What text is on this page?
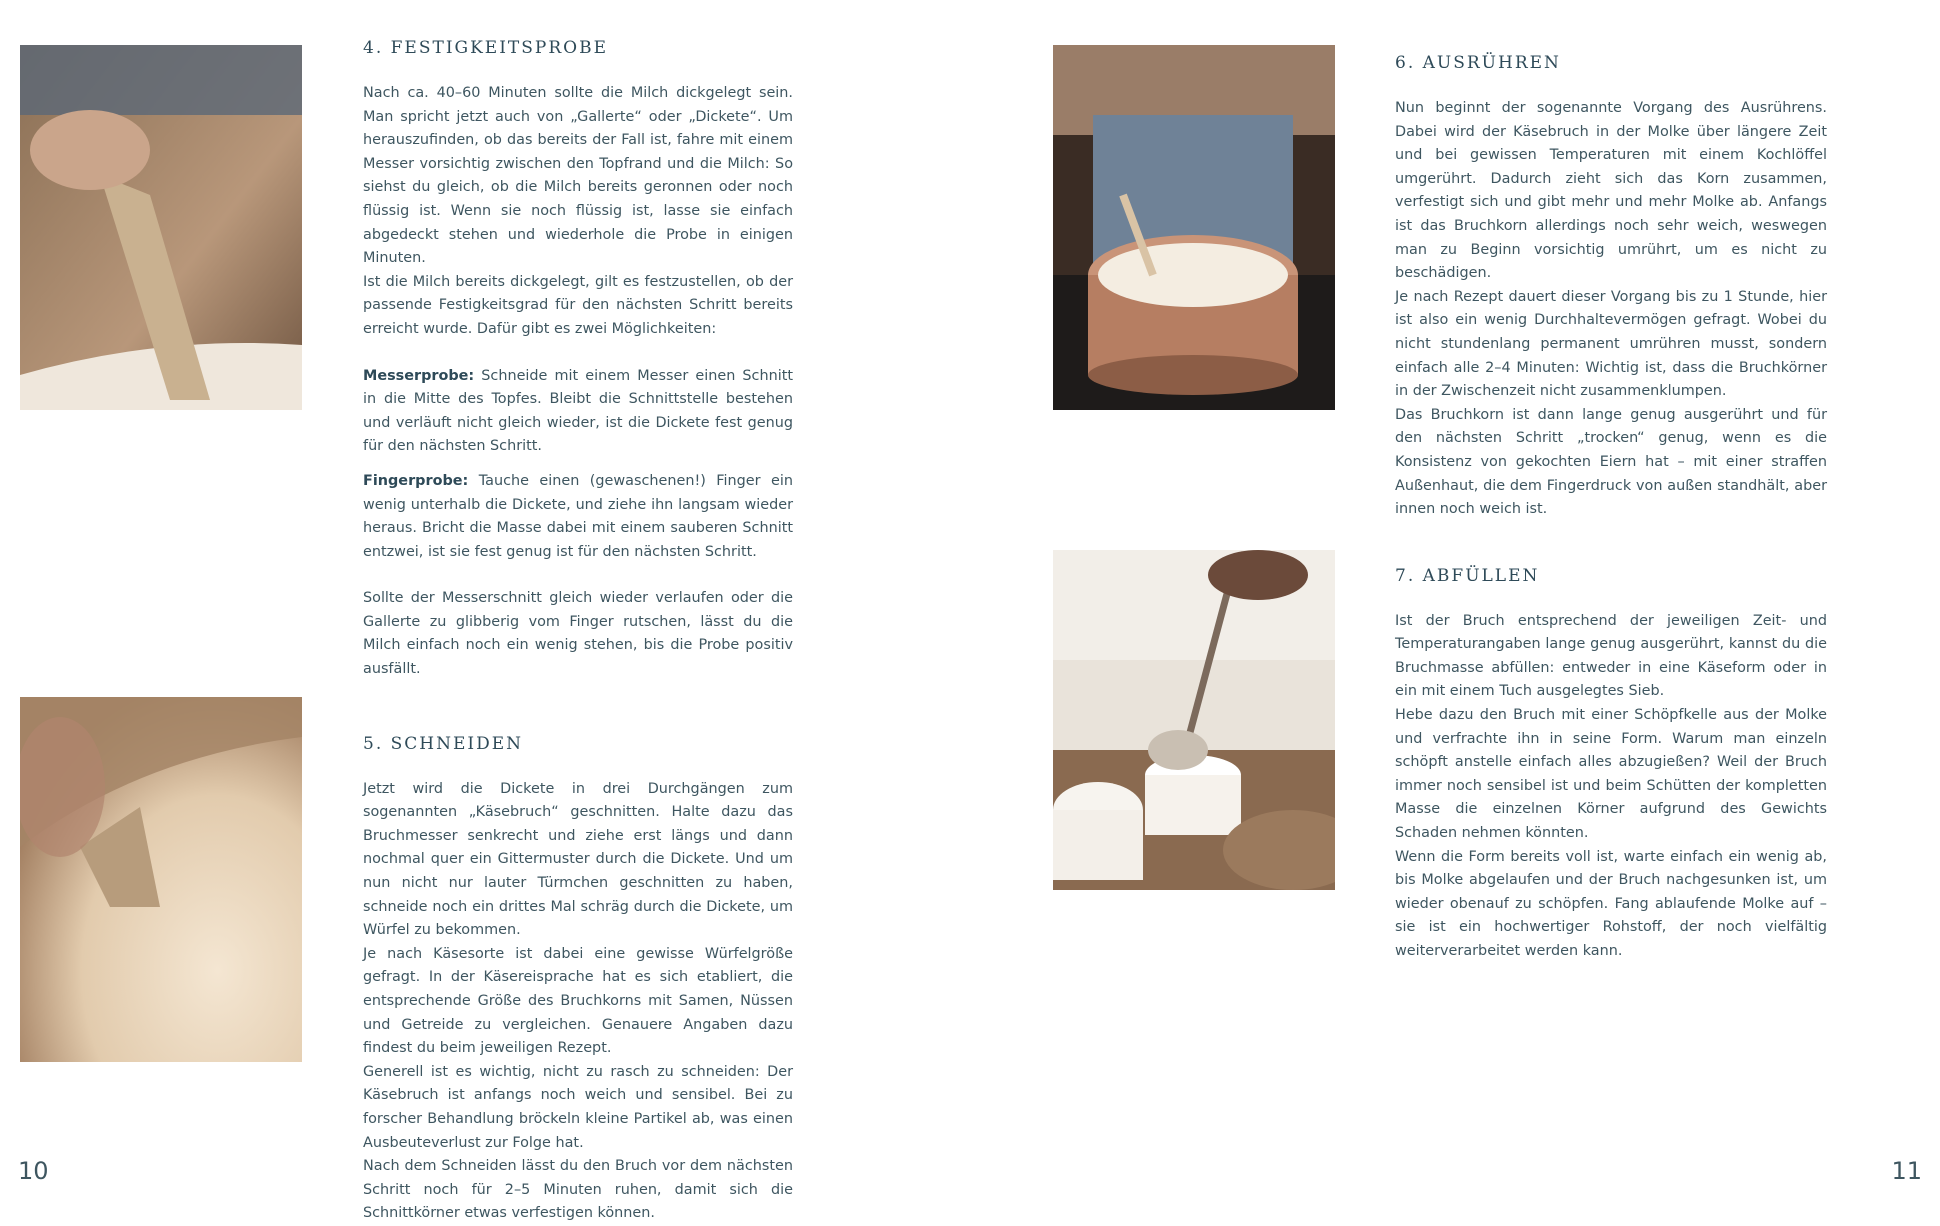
4. FESTIGKEITSPROBE

Nach ca. 40–60 Minuten sollte die Milch dickgelegt sein. Man spricht jetzt auch von „Gallerte“ oder „Dickete“. Um herauszufinden, ob das bereits der Fall ist, fahre mit einem Messer vorsichtig zwischen den Topfrand und die Milch: So siehst du gleich, ob die Milch bereits geronnen oder noch flüssig ist. Wenn sie noch flüssig ist, lasse sie einfach abgedeckt stehen und wiederhole die Probe in einigen Minuten.

Ist die Milch bereits dickgelegt, gilt es festzustellen, ob der passende Festigkeitsgrad für den nächsten Schritt bereits erreicht wurde. Dafür gibt es zwei Möglichkeiten:

Messerprobe: Schneide mit einem Messer einen Schnitt in die Mitte des Topfes. Bleibt die Schnittstelle bestehen und verläuft nicht gleich wieder, ist die Dickete fest genug für den nächsten Schritt.

Fingerprobe: Tauche einen (gewaschenen!) Finger ein wenig unterhalb die Dickete, und ziehe ihn langsam wieder heraus. Bricht die Masse dabei mit einem sauberen Schnitt entzwei, ist sie fest genug ist für den nächsten Schritt.

Sollte der Messerschnitt gleich wieder verlaufen oder die Gallerte zu glibberig vom Finger rutschen, lässt du die Milch einfach noch ein wenig stehen, bis die Probe positiv ausfällt.

5. SCHNEIDEN

Jetzt wird die Dickete in drei Durchgängen zum sogenannten „Käsebruch“ geschnitten. Halte dazu das Bruchmesser senkrecht und ziehe erst längs und dann nochmal quer ein Gittermuster durch die Dickete. Und um nun nicht nur lauter Türmchen geschnitten zu haben, schneide noch ein drittes Mal schräg durch die Dickete, um Würfel zu bekommen.

Je nach Käsesorte ist dabei eine gewisse Würfelgröße gefragt. In der Käsereisprache hat es sich etabliert, die entsprechende Größe des Bruchkorns mit Samen, Nüssen und Getreide zu vergleichen. Genauere Angaben dazu findest du beim jeweiligen Rezept.

Generell ist es wichtig, nicht zu rasch zu schneiden: Der Käsebruch ist anfangs noch weich und sensibel. Bei zu forscher Behandlung bröckeln kleine Partikel ab, was einen Ausbeuteverlust zur Folge hat.

Nach dem Schneiden lässt du den Bruch vor dem nächsten Schritt noch für 2–5 Minuten ruhen, damit sich die Schnittkörner etwas verfestigen können.

10
6. AUSRÜHREN

Nun beginnt der sogenannte Vorgang des Ausrührens. Dabei wird der Käsebruch in der Molke über längere Zeit und bei gewissen Temperaturen mit einem Kochlöffel umgerührt. Dadurch zieht sich das Korn zusammen, verfestigt sich und gibt mehr und mehr Molke ab. Anfangs ist das Bruchkorn allerdings noch sehr weich, weswegen man zu Beginn vorsichtig umrührt, um es nicht zu beschädigen.

Je nach Rezept dauert dieser Vorgang bis zu 1 Stunde, hier ist also ein wenig Durchhaltevermögen gefragt. Wobei du nicht stundenlang permanent umrühren musst, sondern einfach alle 2–4 Minuten: Wichtig ist, dass die Bruchkörner in der Zwischenzeit nicht zusammenklumpen.

Das Bruchkorn ist dann lange genug ausgerührt und für den nächsten Schritt „trocken“ genug, wenn es die Konsistenz von gekochten Eiern hat – mit einer straffen Außenhaut, die dem Fingerdruck von außen standhält, aber innen noch weich ist.

7. ABFÜLLEN

Ist der Bruch entsprechend der jeweiligen Zeit- und Temperaturangaben lange genug ausgerührt, kannst du die Bruchmasse abfüllen: entweder in eine Käseform oder in ein mit einem Tuch ausgelegtes Sieb.

Hebe dazu den Bruch mit einer Schöpfkelle aus der Molke und verfrachte ihn in seine Form. Warum man einzeln schöpft anstelle einfach alles abzugießen? Weil der Bruch immer noch sensibel ist und beim Schütten der kompletten Masse die einzelnen Körner aufgrund des Gewichts Schaden nehmen könnten.

Wenn die Form bereits voll ist, warte einfach ein wenig ab, bis Molke abgelaufen und der Bruch nachgesunken ist, um wieder obenauf zu schöpfen. Fang ablaufende Molke auf – sie ist ein hochwertiger Rohstoff, der noch vielfältig weiterverarbeitet werden kann.

11
